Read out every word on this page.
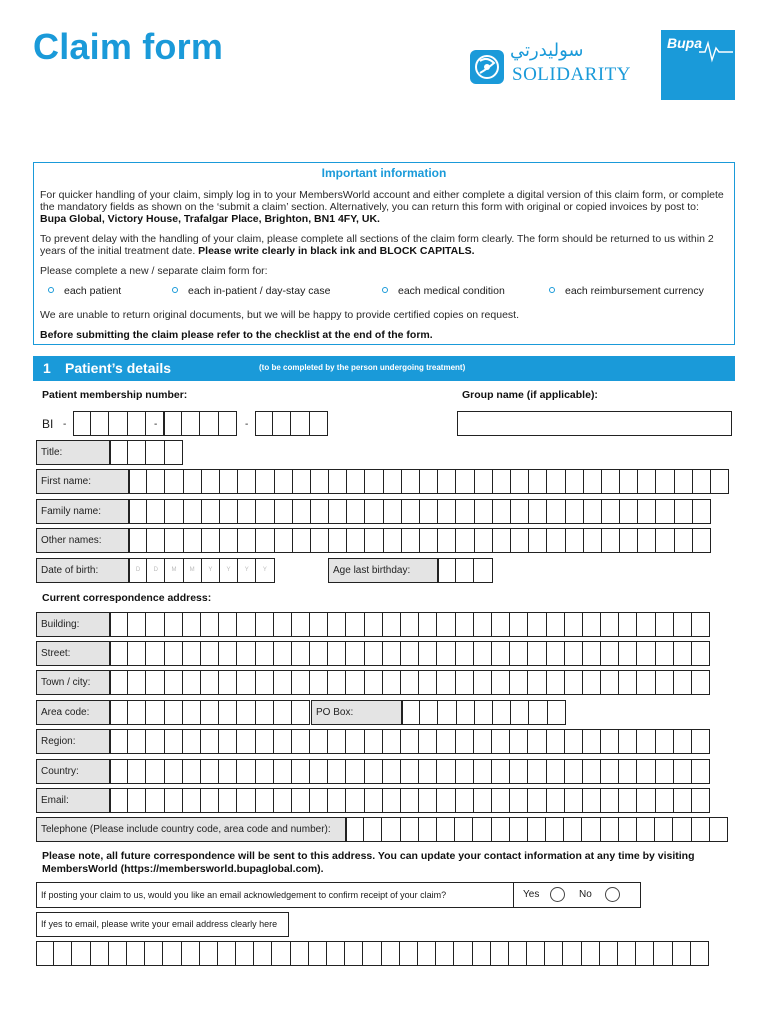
Claim form	سوليدرتي
SOLIDARITY
Bupa
Important information

For quicker handling of your claim, simply log in to your MembersWorld account and either complete a digital version of this claim form, or complete the mandatory fields as shown on the ‘submit a claim’ section. Alternatively, you can return this form with original or copied invoices by post to: Bupa Global, Victory House, Trafalgar Place, Brighton, BN1 4FY, UK.

To prevent delay with the handling of your claim, please complete all sections of the claim form clearly. The form should be returned to us within 2 years of the initial treatment date. Please write clearly in black ink and BLOCK CAPITALS.

Please complete a new / separate claim form for:

each patient	each in-patient / day-stay case	each medical condition	each reimbursement currency

We are unable to return original documents, but we will be happy to provide certified copies on request.

Before submitting the claim please refer to the checklist at the end of the form.

1 Patient’s details	(to be completed by the person undergoing treatment)
Patient membership number:	Group name (if applicable):
BI -	-	-
Title:
First name:
Family name:
Other names:
Date of birth:	D	D	M	M	Y	Y	Y	Y	Age last birthday:
Current correspondence address:
Building:
Street:
Town / city:
Area code:	PO Box:
Region:
Country:
Email:
Telephone (Please include country code, area code and number):
Please note, all future correspondence will be sent to this address. You can update your contact information at any time by visiting MembersWorld (https://membersworld.bupaglobal.com).
If posting your claim to us, would you like an email acknowledgement to confirm receipt of your claim?	Yes	No
If yes to email, please write your email address clearly here
